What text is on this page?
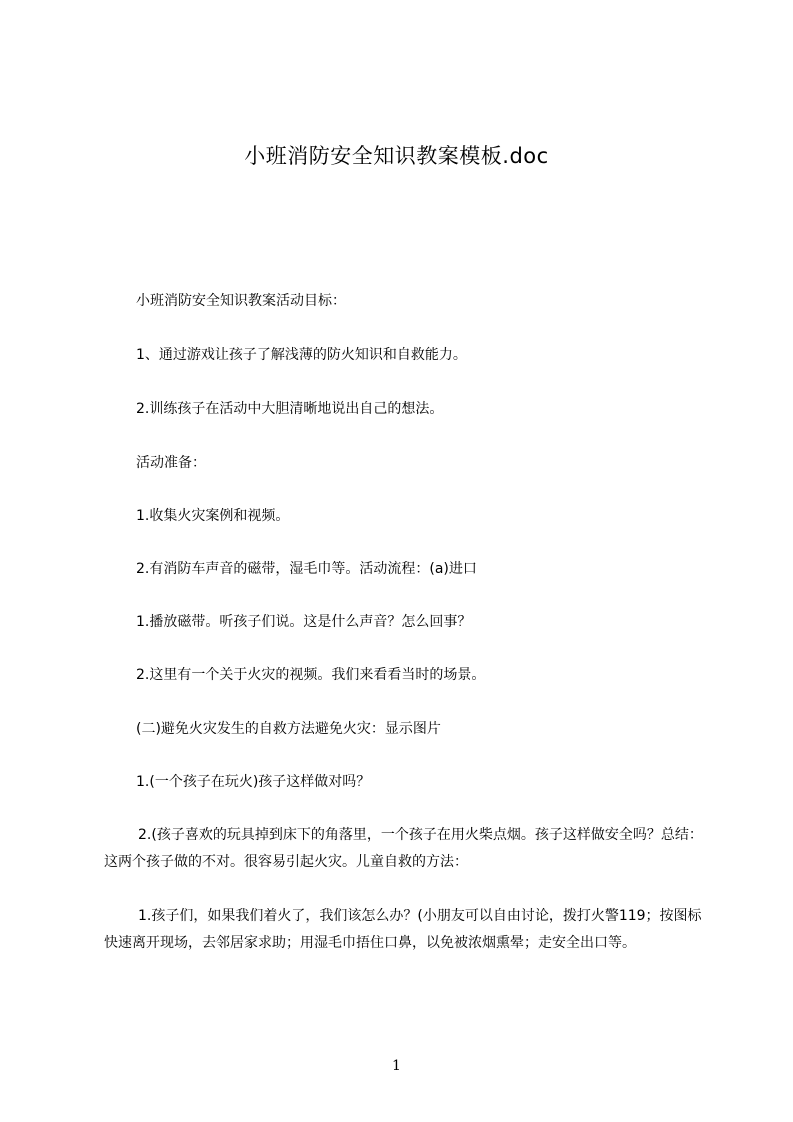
小班消防安全知识教案模板.doc
小班消防安全知识教案活动目标：
1、通过游戏让孩子了解浅薄的防火知识和自救能力。
2.训练孩子在活动中大胆清晰地说出自己的想法。
活动准备：
1.收集火灾案例和视频。
2.有消防车声音的磁带，湿毛巾等。活动流程：(a)进口
1.播放磁带。听孩子们说。这是什么声音？怎么回事？
2.这里有一个关于火灾的视频。我们来看看当时的场景。
(二)避免火灾发生的自救方法避免火灾：显示图片
1.(一个孩子在玩火)孩子这样做对吗？
2.(孩子喜欢的玩具掉到床下的角落里，一个孩子在用火柴点烟。孩子这样做安全吗？总结：这两个孩子做的不对。很容易引起火灾。儿童自救的方法：
1.孩子们，如果我们着火了，我们该怎么办？(小朋友可以自由讨论，拨打火警119；按图标快速离开现场，去邻居家求助；用湿毛巾捂住口鼻，以免被浓烟熏晕；走安全出口等。
1
